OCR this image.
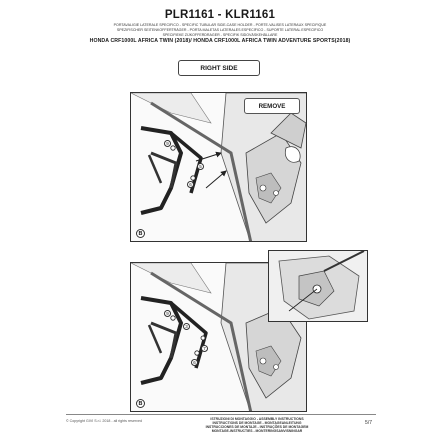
PLR1161 - KLR1161
PORTAVALIGIE LATERALE SPECIFICO - SPECIFIC TUBULAR SIDE-CASE HOLDER - PORTE-VALISES LATERAUX SPECIFIQUE
SPEZIFISCHER SEITENKOFFERTRÄGER - PORTA MALETAS LATERALES ESPECÍFICO - SUPORTE LATERAL ESPECÍFICO
SPECIFIEKE ZIJKOFFERDRAGER - SPECIFIK SIDOVÄSKEHÅLLARE
HONDA CRF1000L AFRICA TWIN (2018)/ HONDA CRF1000L AFRICA TWIN ADVENTURE SPORTS(2018)
RIGHT SIDE
9
5
6
B
REMOVE
9
3
6
7
B
© Copyright GIVI S.r.l. 2018 - all rights reserved	ISTRUZIONI DI MONTAGGIO - ASSEMBLY INSTRUCTIONS
INSTRUCTIONS DE MONTAGE - MONTAGEANLEITUNG
INSTRUCCIONES DE MONTAJE - INSTRUÇÕES DE MONTAGEM
MONTAGE-INSTRUCTIES - MONTERINGSANVISNINGAR
5/7
